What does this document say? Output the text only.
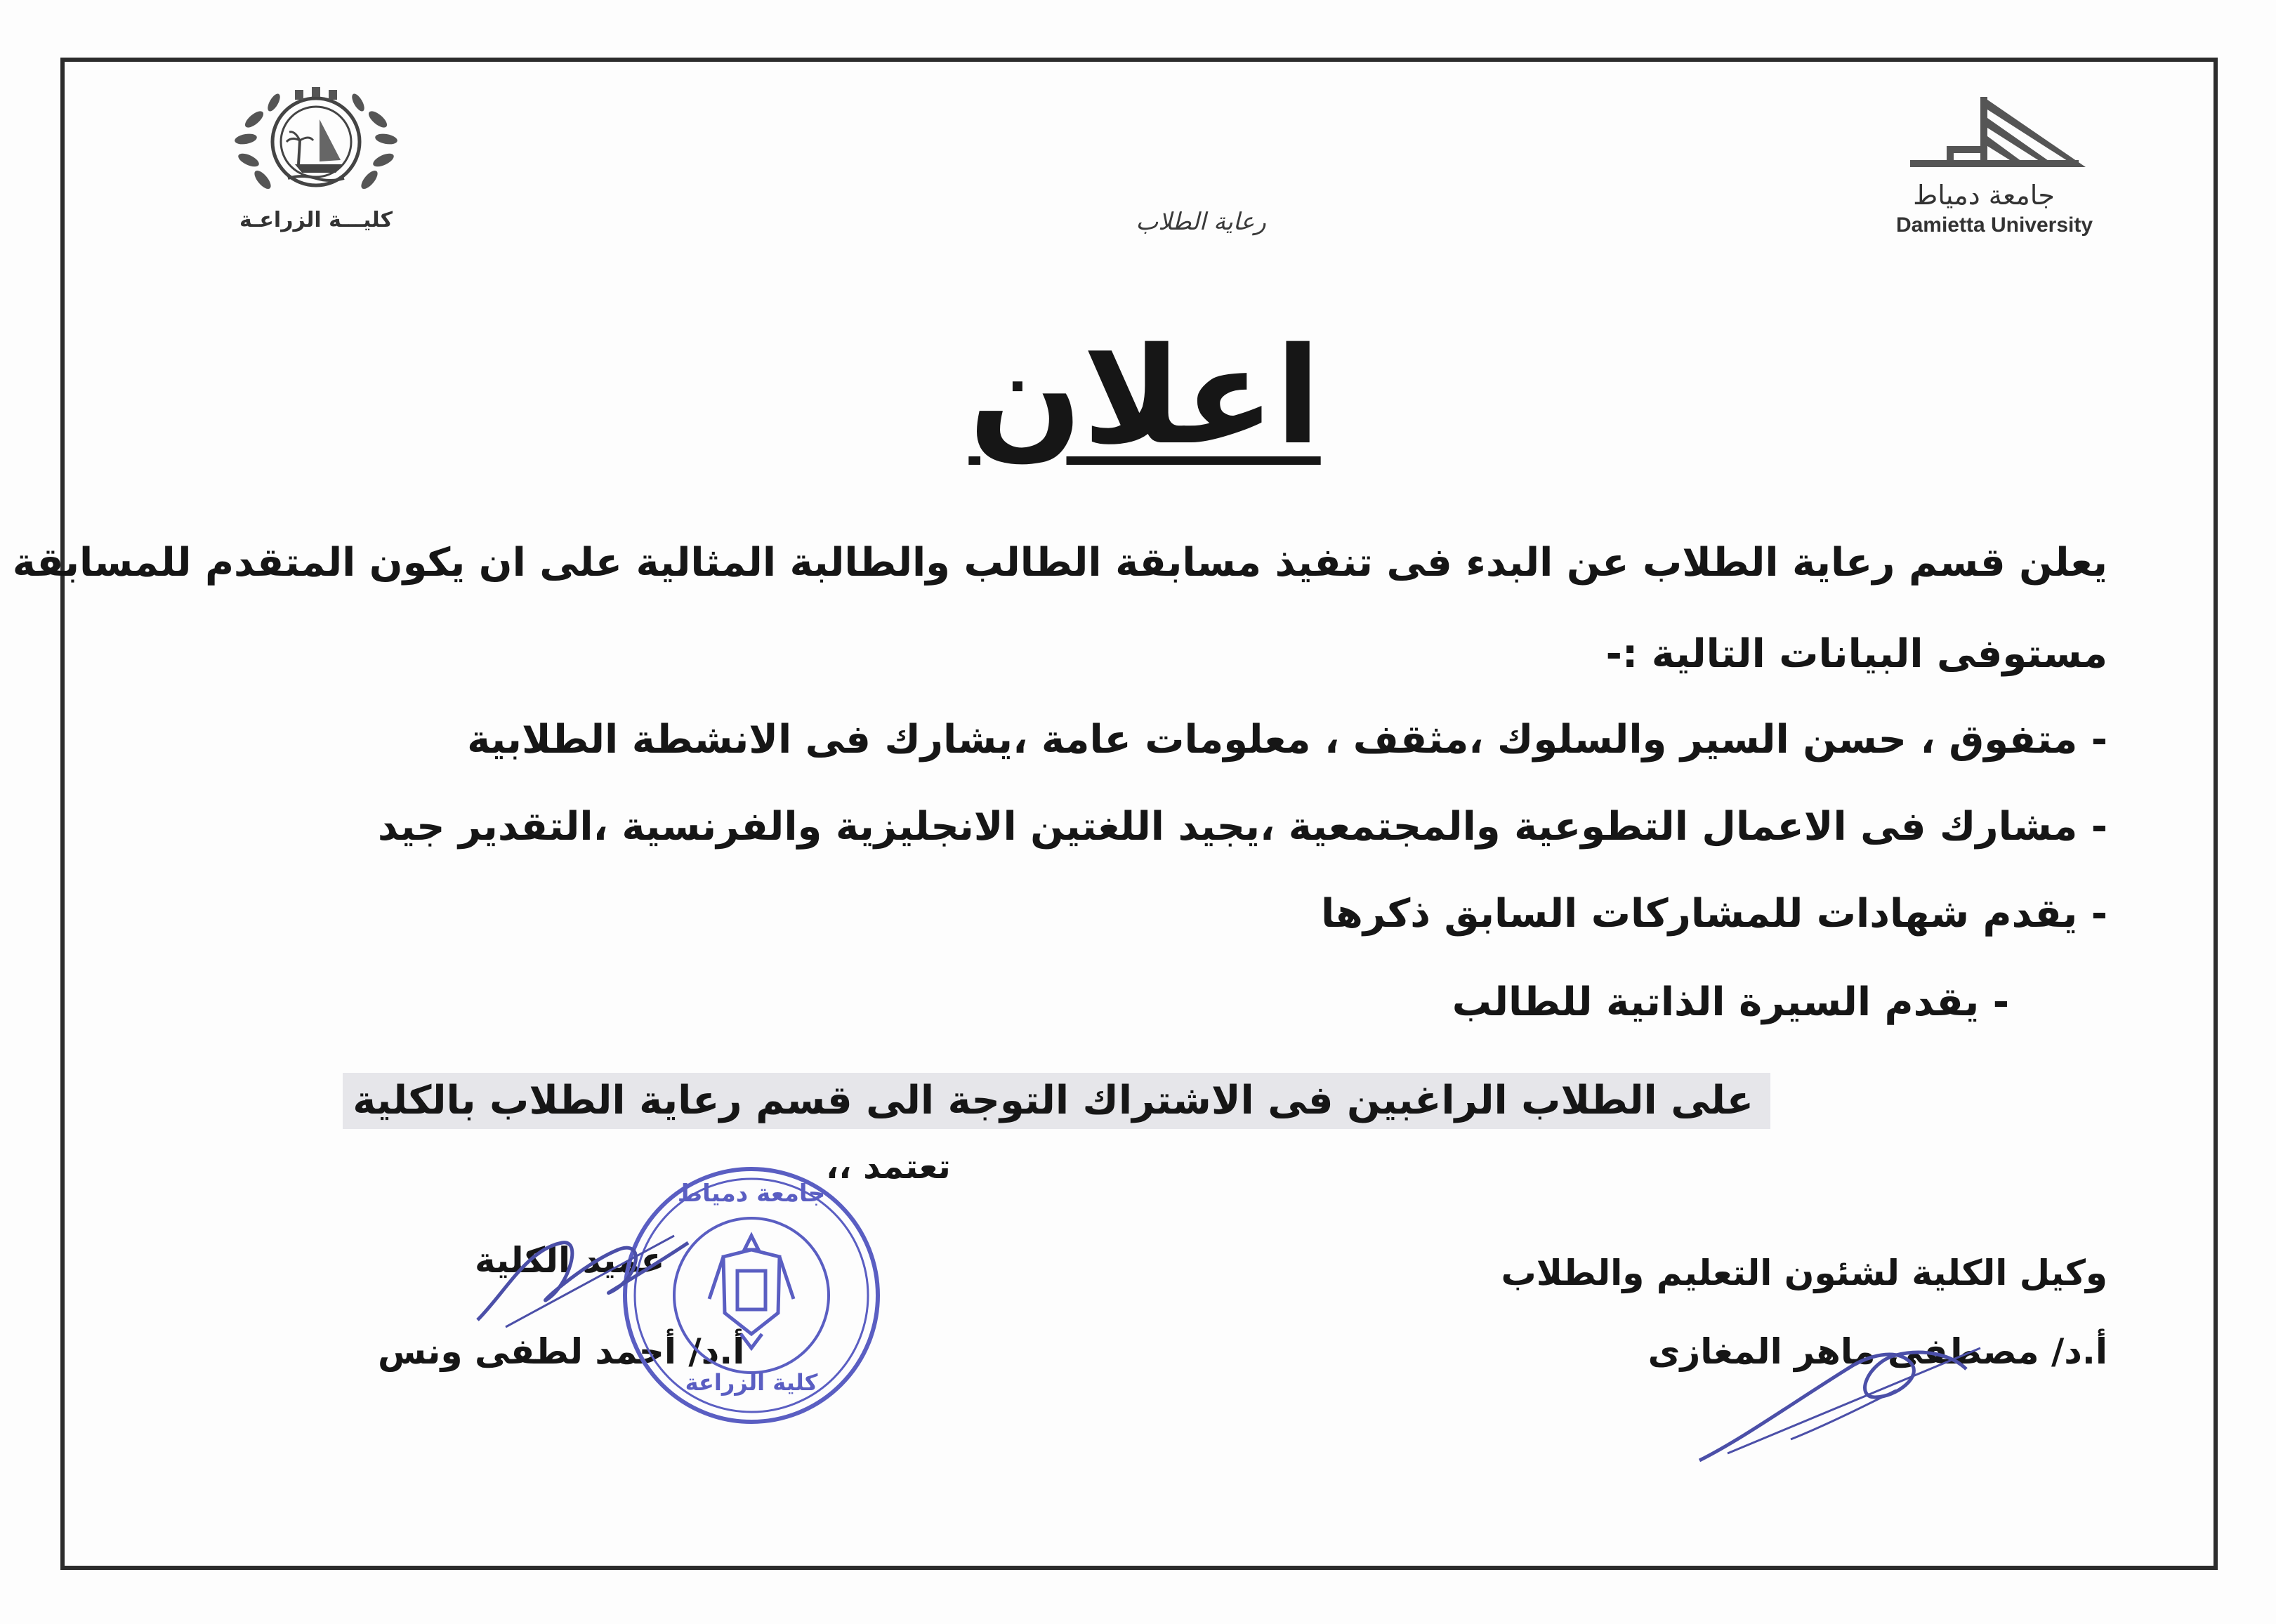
كليـــة الزراعـة
جامعة دمياط
Damietta University
رعاية الطلاب
اعلان
يعلن قسم رعاية الطلاب عن البدء فى تنفيذ مسابقة الطالب والطالبة المثالية على ان يكون المتقدم للمسابقة
مستوفى البيانات التالية :-
- متفوق ، حسن السير والسلوك ،مثقف ، معلومات عامة ،يشارك فى الانشطة الطلابية
- مشارك فى الاعمال التطوعية والمجتمعية ،يجيد اللغتين الانجليزية والفرنسية ،التقدير جيد
- يقدم شهادات للمشاركات السابق ذكرها
- يقدم السيرة الذاتية للطالب
على الطلاب الراغبين فى الاشتراك التوجة الى قسم رعاية الطلاب بالكلية
تعتمد ،،
وكيل الكلية لشئون التعليم والطلاب
أ.د/ مصطفى ماهر المغازى
عميد الكلية
أ.د/ أحمد لطفى ونس
جامعة دمياط
كلية الزراعة
